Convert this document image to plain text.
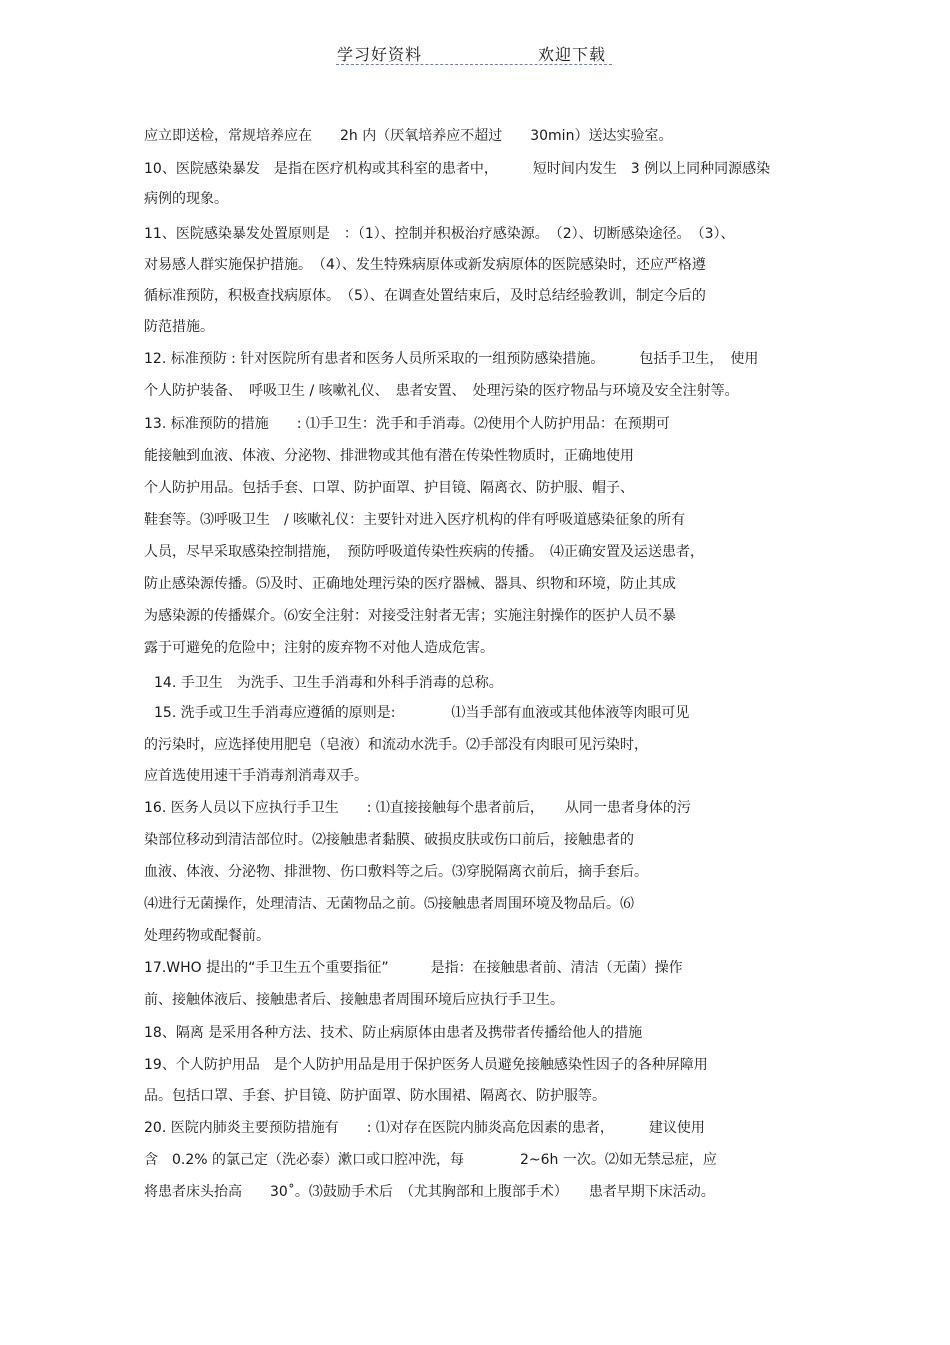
学习好资料	欢迎下载
应立即送检，常规培养应在　　2h 内（厌氧培养应不超过　　30min）送达实验室。
10、医院感染暴发　是指在医疗机构或其科室的患者中，　　　短时间内发生　3 例以上同种同源感染
病例的现象。
11、医院感染暴发处置原则是　：（1）、控制并积极治疗感染源。　（2）、切断感染途径。　（3）、
对易感人群实施保护措施。　（4）、发生特殊病原体或新发病原体的医院感染时，还应严格遵
循标准预防，积极查找病原体。　（5）、在调查处置结束后，及时总结经验教训，制定今后的
防范措施。
12. 标准预防 : 针对医院所有患者和医务人员所采取的一组预防感染措施。　　　包括手卫生，　使用
个人防护装备、　呼吸卫生 / 咳嗽礼仪、　患者安置、　处理污染的医疗物品与环境及安全注射等。
13. 标准预防的措施　　: ⑴手卫生：洗手和手消毒。⑵使用个人防护用品：在预期可
能接触到血液、体液、分泌物、排泄物或其他有潜在传染性物质时，正确地使用
个人防护用品。包括手套、口罩、防护面罩、护目镜、隔离衣、防护服、帽子、
鞋套等。⑶呼吸卫生　/ 咳嗽礼仪：主要针对进入医疗机构的伴有呼吸道感染征象的所有
人员，尽早采取感染控制措施，　预防呼吸道传染性疾病的传播。　⑷正确安置及运送患者，
防止感染源传播。⑸及时、正确地处理污染的医疗器械、器具、织物和环境，防止其成
为感染源的传播媒介。⑹安全注射：对接受注射者无害；实施注射操作的医护人员不暴
露于可避免的危险中；注射的废弃物不对他人造成危害。
14. 手卫生　为洗手、卫生手消毒和外科手消毒的总称。
15. 洗手或卫生手消毒应遵循的原则是:　　　　⑴当手部有血液或其他体液等肉眼可见
的污染时，应选择使用肥皂（皂液）和流动水洗手。⑵手部没有肉眼可见污染时，
应首选使用速干手消毒剂消毒双手。
16. 医务人员以下应执行手卫生　　: ⑴直接接触每个患者前后，　　从同一患者身体的污
染部位移动到清洁部位时。⑵接触患者黏膜、破损皮肤或伤口前后，接触患者的
血液、体液、分泌物、排泄物、伤口敷料等之后。⑶穿脱隔离衣前后，摘手套后。
⑷进行无菌操作，处理清洁、无菌物品之前。⑸接触患者周围环境及物品后。⑹
处理药物或配餐前。
17.WHO 提出的“手卫生五个重要指征”　　　是指：在接触患者前、清洁（无菌）操作
前、接触体液后、接触患者后、接触患者周围环境后应执行手卫生。
18、隔离 是采用各种方法、技术、防止病原体由患者及携带者传播给他人的措施
19、个人防护用品　是个人防护用品是用于保护医务人员避免接触感染性因子的各种屏障用
品。包括口罩、手套、护目镜、防护面罩、防水围裙、隔离衣、防护服等。
20. 医院内肺炎主要预防措施有　　: ⑴对存在医院内肺炎高危因素的患者，　　　建议使用
含　0.2% 的氯己定（洗必泰）漱口或口腔冲洗，每　　　　2~6h 一次。⑵如无禁忌症，应
将患者床头抬高　　30˚。⑶鼓励手术后　（尤其胸部和上腹部手术）　　患者早期下床活动。
